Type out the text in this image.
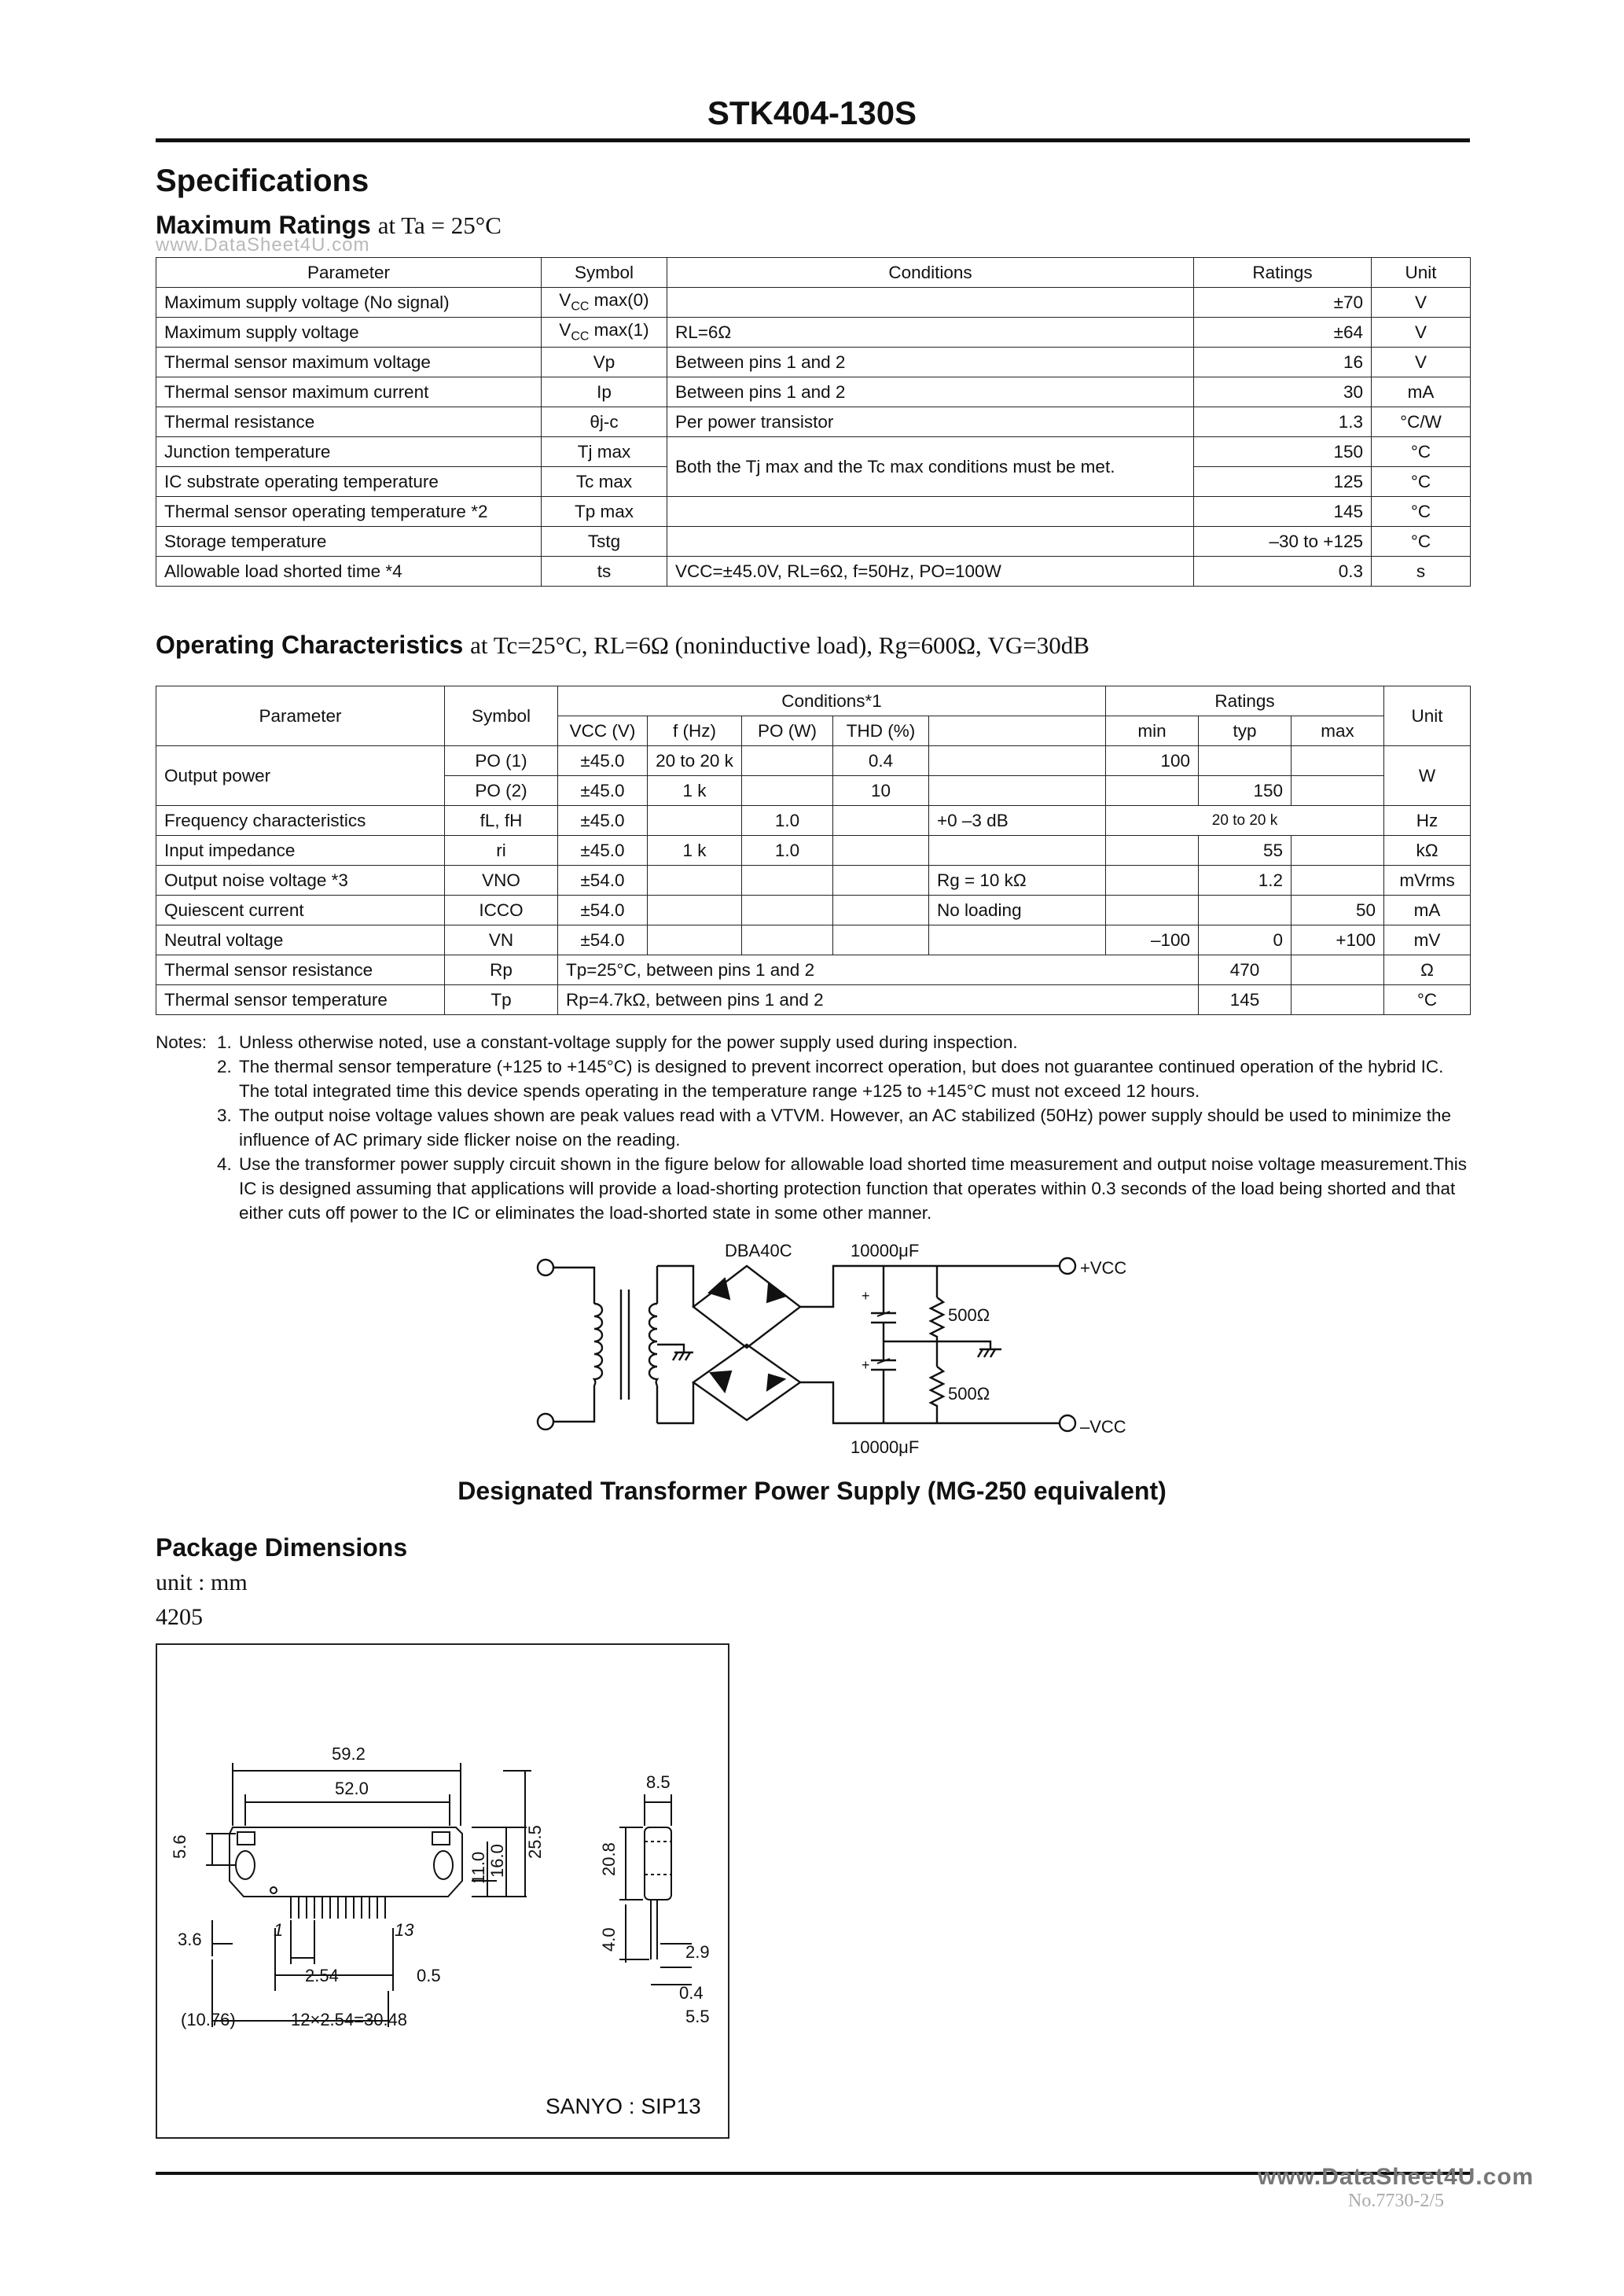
STK404-130S
Specifications
Maximum Ratings at Ta = 25°C
www.DataSheet4U.com
Parameter	Symbol	Conditions	Ratings	Unit
Maximum supply voltage (No signal)	$V_{CC}$ max(0)		±70	V
Maximum supply voltage	$V_{CC}$ max(1)	RL=6Ω	±64	V
Thermal sensor maximum voltage	Vp	Between pins 1 and 2	16	V
Thermal sensor maximum current	Ip	Between pins 1 and 2	30	mA
Thermal resistance	θj-c	Per power transistor	1.3	°C/W
Junction temperature	Tj max	Both the Tj max and the Tc max conditions must be met.	150	°C
IC substrate operating temperature	Tc max		125	°C
Thermal sensor operating temperature *2	Tp max		145	°C
Storage temperature	Tstg		–30 to +125	°C
Allowable load shorted time *4	ts	VCC=±45.0V, RL=6Ω, f=50Hz, PO=100W	0.3	s
Operating Characteristics at Tc=25°C, RL=6Ω (noninductive load), Rg=600Ω, VG=30dB
Parameter	Symbol	Conditions*1					Ratings			Unit
		VCC (V)	f (Hz)	PO (W)	THD (%)		min	typ	max	
Output power	PO (1)	±45.0	20 to 20 k		0.4		100			W
	PO (2)	±45.0	1 k		10			150		
Frequency characteristics	fL, fH	±45.0		1.0		+0 –3 dB	20 to 20 k			Hz
Input impedance	ri	±45.0	1 k	1.0				55		kΩ
Output noise voltage *3	VNO	±54.0				Rg = 10 kΩ		1.2		mVrms
Quiescent current	ICCO	±54.0				No loading			50	mA
Neutral voltage	VN	±54.0					–100	0	+100	mV
Thermal sensor resistance	Rp	Tp=25°C, between pins 1 and 2						470		Ω
Thermal sensor temperature	Tp	Rp=4.7kΩ, between pins 1 and 2						145		°C
Notes: 1. Unless otherwise noted, use a constant-voltage supply for the power supply used during inspection.
2. The thermal sensor temperature (+125 to +145°C) is designed to prevent incorrect operation, but does not guarantee continued operation of the hybrid IC. The total integrated time this device spends operating in the temperature range +125 to +145°C must not exceed 12 hours.
3. The output noise voltage values shown are peak values read with a VTVM. However, an AC stabilized (50Hz) power supply should be used to minimize the influence of AC primary side flicker noise on the reading.
4. Use the transformer power supply circuit shown in the figure below for allowable load shorted time measurement and output noise voltage measurement.This IC is designed assuming that applications will provide a load-shorting protection function that operates within 0.3 seconds of the load being shorted and that either cuts off power to the IC or eliminates the load-shorted state in some other manner.
DBA40C	10000μF
500Ω
500Ω
10000μF
+VCC
–VCC
+
+
Designated Transformer Power Supply (MG-250 equivalent)
Package Dimensions
unit : mm
4205
59.2
52.0
5.6
11.0 16.0
25.5
3.6	1	13
2.54	0.5
(10.76)	12×2.54=30.48
8.5
20.8
4.0
2.9
0.4
5.5
SANYO : SIP13
www.DataSheet4U.com
No.7730-2/5
